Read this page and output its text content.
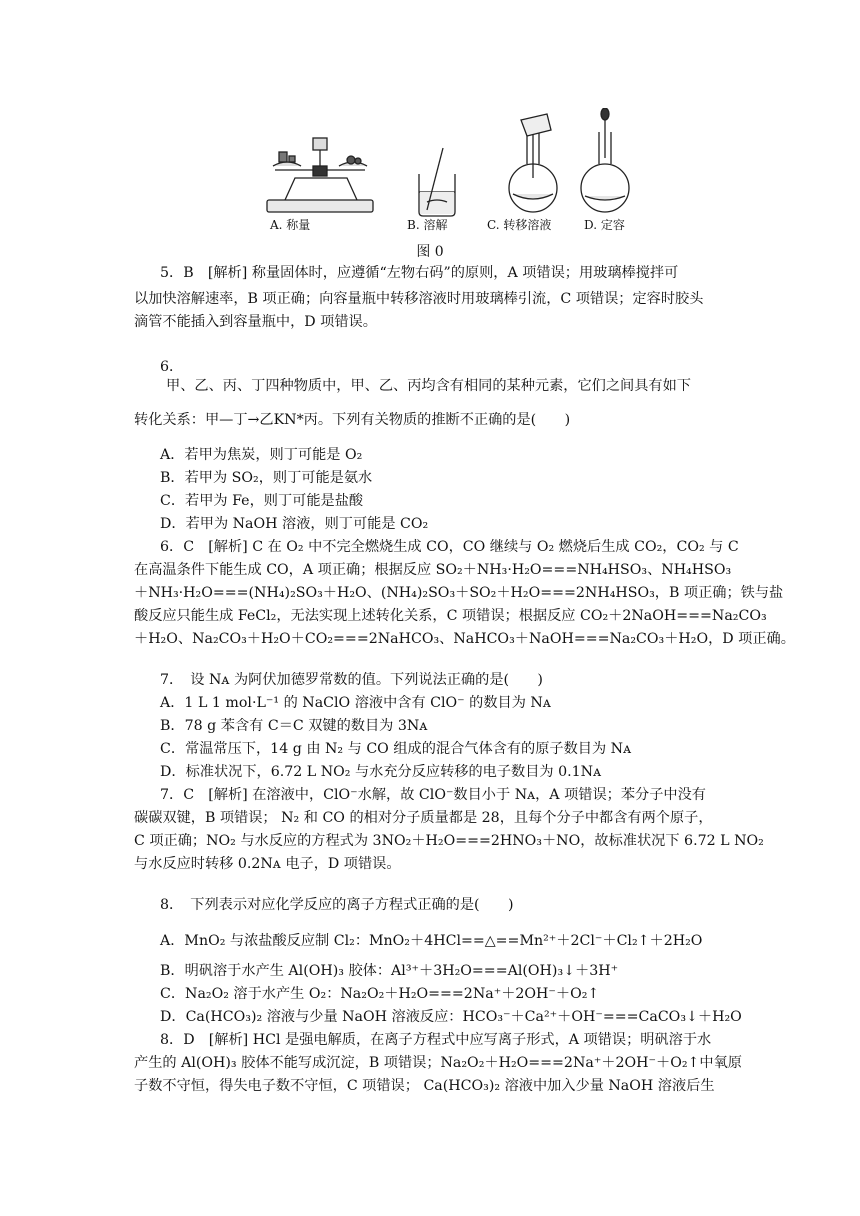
A. 称量	B. 溶解	C. 转移溶液	D. 定容
图 0
5．B　[解析] 称量固体时，应遵循“左物右码”的原则，A 项错误；用玻璃棒搅拌可
以加快溶解速率，B 项正确；向容量瓶中转移溶液时用玻璃棒引流，C 项错误；定容时胶头
滴管不能插入到容量瓶中，D 项错误。
6．
甲、乙、丙、丁四种物质中，甲、乙、丙均含有相同的某种元素，它们之间具有如下
转化关系：甲—丁→乙KN*丙。下列有关物质的推断不正确的是(　　)
A．若甲为焦炭，则丁可能是 O₂
B．若甲为 SO₂，则丁可能是氨水
C．若甲为 Fe，则丁可能是盐酸
D．若甲为 NaOH 溶液，则丁可能是 CO₂
6．C　[解析] C 在 O₂ 中不完全燃烧生成 CO，CO 继续与 O₂ 燃烧后生成 CO₂，CO₂ 与 C
在高温条件下能生成 CO，A 项正确；根据反应 SO₂＋NH₃·H₂O===NH₄HSO₃、NH₄HSO₃
＋NH₃·H₂O===(NH₄)₂SO₃＋H₂O、(NH₄)₂SO₃＋SO₂＋H₂O===2NH₄HSO₃，B 项正确；铁与盐
酸反应只能生成 FeCl₂，无法实现上述转化关系，C 项错误；根据反应 CO₂＋2NaOH===Na₂CO₃
＋H₂O、Na₂CO₃＋H₂O＋CO₂===2NaHCO₃、NaHCO₃＋NaOH===Na₂CO₃＋H₂O，D 项正确。
7．　设 Nᴀ 为阿伏加德罗常数的值。下列说法正确的是(　　)
A．1 L 1 mol·L⁻¹ 的 NaClO 溶液中含有 ClO⁻ 的数目为 Nᴀ
B．78 g 苯含有 C＝C 双键的数目为 3Nᴀ
C．常温常压下，14 g 由 N₂ 与 CO 组成的混合气体含有的原子数目为 Nᴀ
D．标准状况下，6.72 L NO₂ 与水充分反应转移的电子数目为 0.1Nᴀ
7．C　[解析] 在溶液中，ClO⁻水解，故 ClO⁻数目小于 Nᴀ，A 项错误；苯分子中没有
碳碳双键，B 项错误； N₂ 和 CO 的相对分子质量都是 28，且每个分子中都含有两个原子，
C 项正确；NO₂ 与水反应的方程式为 3NO₂＋H₂O===2HNO₃＋NO，故标准状况下 6.72 L NO₂
与水反应时转移 0.2Nᴀ 电子，D 项错误。
8．　下列表示对应化学反应的离子方程式正确的是(　　)
A．MnO₂ 与浓盐酸反应制 Cl₂：MnO₂＋4HCl==△==Mn²⁺＋2Cl⁻＋Cl₂↑＋2H₂O
B．明矾溶于水产生 Al(OH)₃ 胶体：Al³⁺＋3H₂O===Al(OH)₃↓＋3H⁺
C．Na₂O₂ 溶于水产生 O₂：Na₂O₂＋H₂O===2Na⁺＋2OH⁻＋O₂↑
D．Ca(HCO₃)₂ 溶液与少量 NaOH 溶液反应：HCO₃⁻＋Ca²⁺＋OH⁻===CaCO₃↓＋H₂O
8．D　[解析] HCl 是强电解质，在离子方程式中应写离子形式，A 项错误；明矾溶于水
产生的 Al(OH)₃ 胶体不能写成沉淀，B 项错误；Na₂O₂＋H₂O===2Na⁺＋2OH⁻＋O₂↑中氧原
子数不守恒，得失电子数不守恒，C 项错误； Ca(HCO₃)₂ 溶液中加入少量 NaOH 溶液后生
